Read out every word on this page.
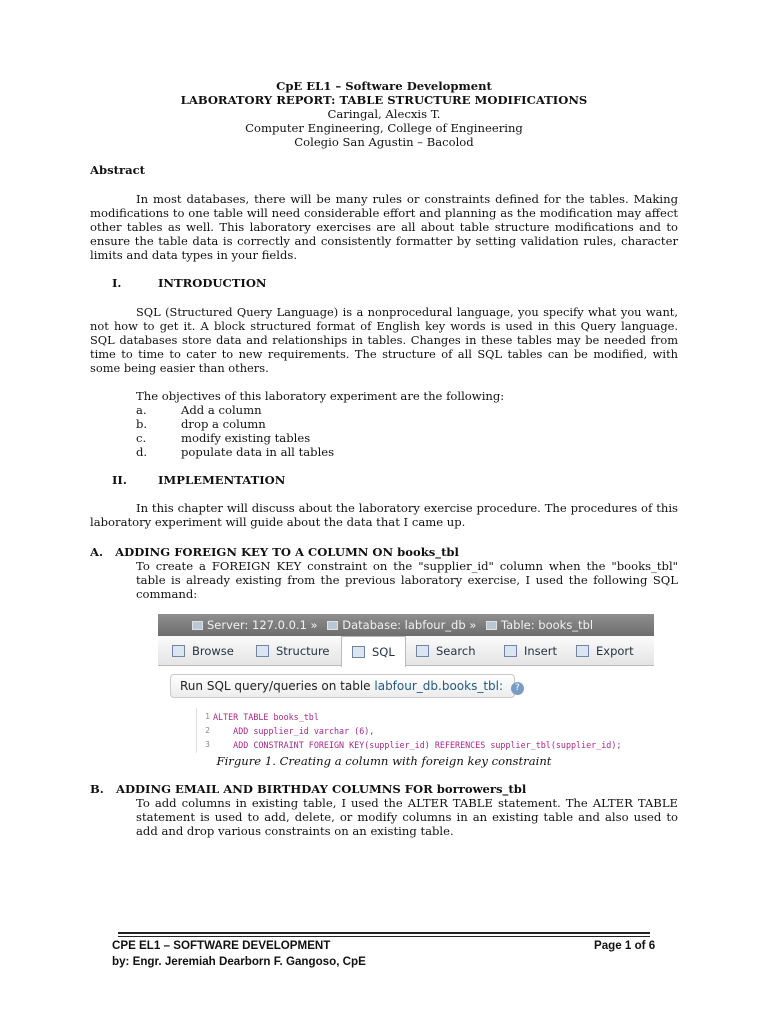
CpE EL1 – Software Development
LABORATORY REPORT: TABLE STRUCTURE MODIFICATIONS
Caringal, Alecxis T.
Computer Engineering, College of Engineering
Colegio San Agustin – Bacolod
Abstract
In most databases, there will be many rules or constraints defined for the tables. Making modifications to one table will need considerable effort and planning as the modification may affect other tables as well. This laboratory exercises are all about table structure modifications and to ensure the table data is correctly and consistently formatter by setting validation rules, character limits and data types in your fields.
I.	INTRODUCTION
SQL (Structured Query Language) is a nonprocedural language, you specify what you want, not how to get it. A block structured format of English key words is used in this Query language. SQL databases store data and relationships in tables. Changes in these tables may be needed from time to time to cater to new requirements. The structure of all SQL tables can be modified, with some being easier than others.
The objectives of this laboratory experiment are the following:
a.	Add a column
b.	drop a column
c.	modify existing tables
d.	populate data in all tables
II.	IMPLEMENTATION
In this chapter will discuss about the laboratory exercise procedure. The procedures of this laboratory experiment will guide about the data that I came up.
A.   ADDING FOREIGN KEY TO A COLUMN ON books_tbl
To create a FOREIGN KEY constraint on the "supplier_id" column when the "books_tbl" table is already existing from the previous laboratory exercise, I used the following SQL command:
Server: 127.0.0.1 » Database: labfour_db » Table: books_tbl
Browse	Structure	SQL	Search	Insert	Export
Run SQL query/queries on table labfour_db.books_tbl: ?
1
2
3
ALTER TABLE books_tbl
ADD supplier_id varchar (6),
ADD CONSTRAINT FOREIGN KEY(supplier_id) REFERENCES supplier_tbl(supplier_id);
Firgure 1. Creating a column with foreign key constraint
B.   ADDING EMAIL AND BIRTHDAY COLUMNS FOR borrowers_tbl
To add columns in existing table, I used the ALTER TABLE statement. The ALTER TABLE statement is used to add, delete, or modify columns in an existing table and also used to add and drop various constraints on an existing table.
CPE EL1 – SOFTWARE DEVELOPMENT
by: Engr. Jeremiah Dearborn F. Gangoso, CpE
Page 1 of 6
